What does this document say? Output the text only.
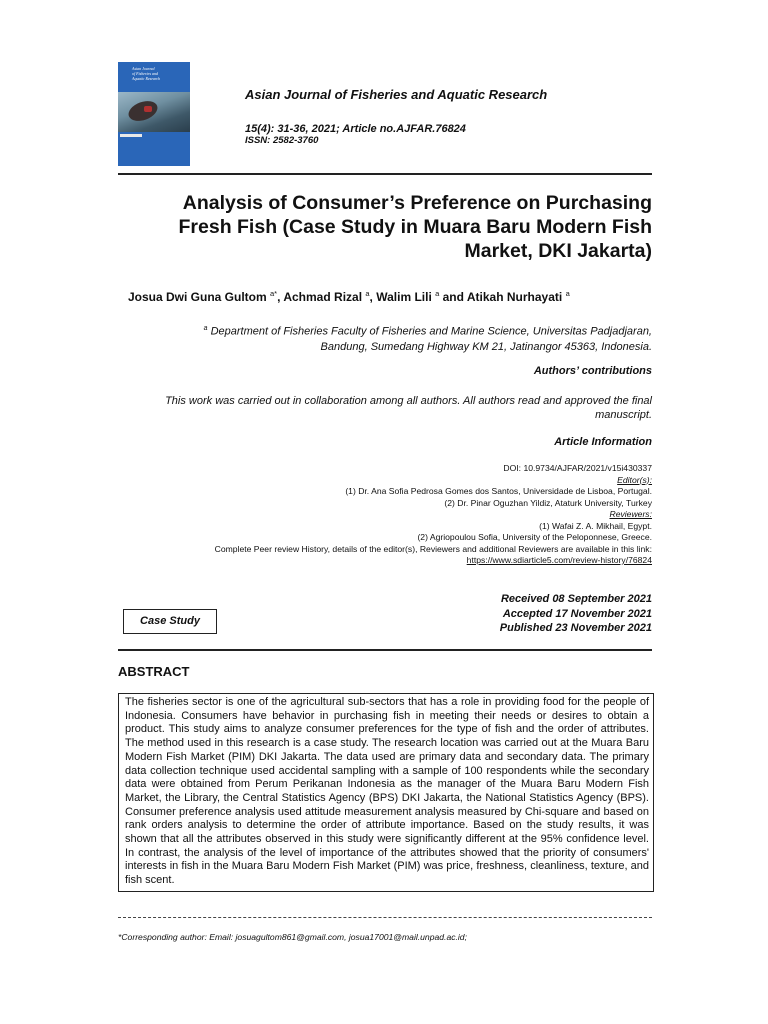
Asian Journal
of Fisheries and
Aquatic Research
Asian Journal of Fisheries and Aquatic Research
15(4): 31-36, 2021; Article no.AJFAR.76824
ISSN: 2582-3760
Analysis of Consumer’s Preference on Purchasing
Fresh Fish (Case Study in Muara Baru Modern Fish
Market, DKI Jakarta)
Josua Dwi Guna Gultom $^{a*}$, Achmad Rizal $^a$, Walim Lili $^a$ and Atikah Nurhayati $^a$
$^a$ Department of Fisheries Faculty of Fisheries and Marine Science, Universitas Padjadjaran,
Bandung, Sumedang Highway KM 21, Jatinangor 45363, Indonesia.
Authors’ contributions
This work was carried out in collaboration among all authors. All authors read and approved the final
manuscript.
Article Information
DOI: 10.9734/AJFAR/2021/v15i430337
Editor(s):
(1) Dr. Ana Sofia Pedrosa Gomes dos Santos, Universidade de Lisboa, Portugal.
(2) Dr. Pinar Oguzhan Yildiz, Ataturk University, Turkey
Reviewers:
(1) Wafai Z. A. Mikhail, Egypt.
(2) Agriopoulou Sofia, University of the Peloponnese, Greece.
Complete Peer review History, details of the editor(s), Reviewers and additional Reviewers are available in this link:
https://www.sdiarticle5.com/review-history/76824
Case Study
Received 08 September 2021
Accepted 17 November 2021
Published 23 November 2021
ABSTRACT
The fisheries sector is one of the agricultural sub-sectors that has a role in providing food for the people of Indonesia. Consumers have behavior in purchasing fish in meeting their needs or desires to obtain a product. This study aims to analyze consumer preferences for the type of fish and the order of attributes. The method used in this research is a case study. The research location was carried out at the Muara Baru Modern Fish Market (PIM) DKI Jakarta. The data used are primary data and secondary data. The primary data collection technique used accidental sampling with a sample of 100 respondents while the secondary data were obtained from Perum Perikanan Indonesia as the manager of the Muara Baru Modern Fish Market, the Library, the Central Statistics Agency (BPS) DKI Jakarta, the National Statistics Agency (BPS). Consumer preference analysis used attitude measurement analysis measured by Chi-square and based on rank orders analysis to determine the order of attribute importance. Based on the study results, it was shown that all the attributes observed in this study were significantly different at the 95% confidence level. In contrast, the analysis of the level of importance of the attributes showed that the priority of consumers' interests in fish in the Muara Baru Modern Fish Market (PIM) was price, freshness, cleanliness, texture, and fish scent.
*Corresponding author: Email: josuagultom861@gmail.com, josua17001@mail.unpad.ac.id;
